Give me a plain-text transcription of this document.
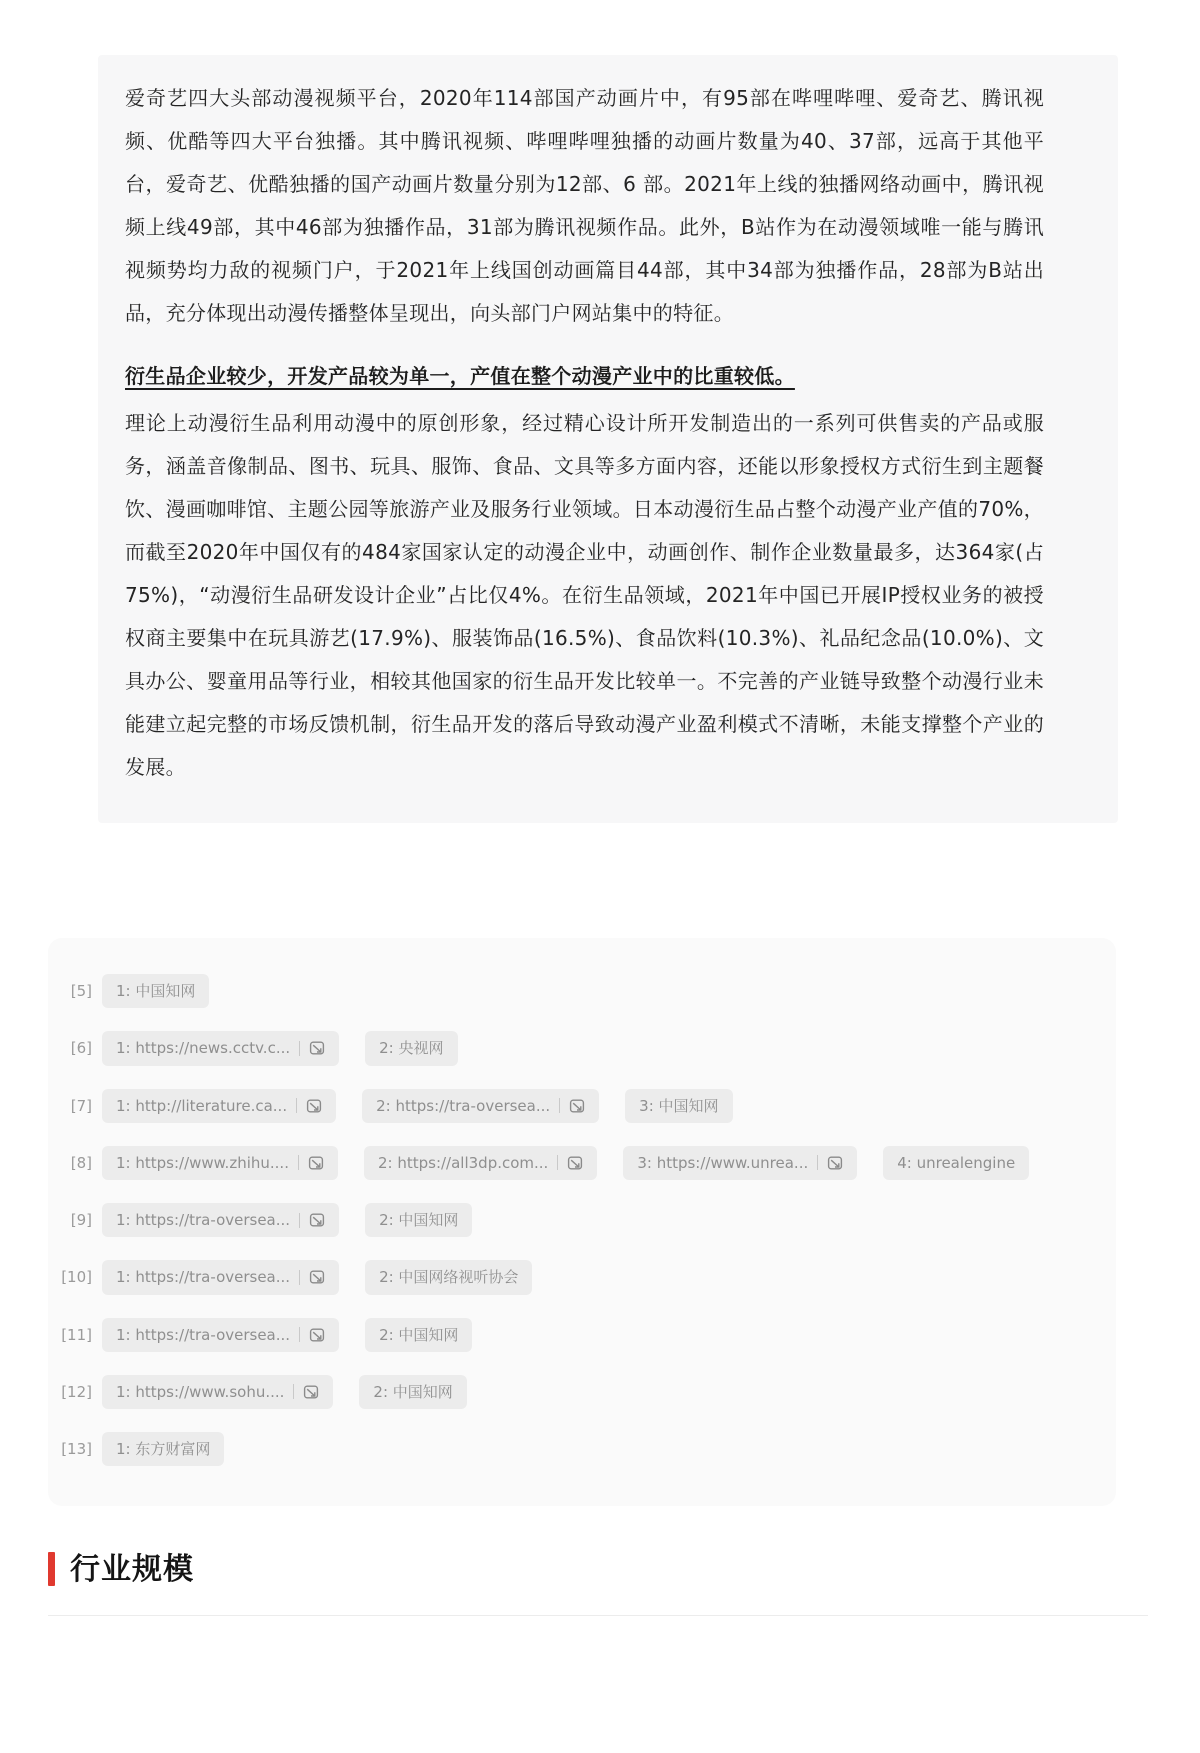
爱奇艺四大头部动漫视频平台，2020年114部国产动画片中，有95部在哔哩哔哩、爱奇艺、腾讯视频、优酷等四大平台独播。其中腾讯视频、哔哩哔哩独播的动画片数量为40、37部，远高于其他平台，爱奇艺、优酷独播的国产动画片数量分别为12部、6 部。2021年上线的独播网络动画中，腾讯视频上线49部，其中46部为独播作品，31部为腾讯视频作品。此外，B站作为在动漫领域唯一能与腾讯视频势均力敌的视频门户，于2021年上线国创动画篇目44部，其中34部为独播作品，28部为B站出品，充分体现出动漫传播整体呈现出，向头部门户网站集中的特征。

衍生品企业较少，开发产品较为单一，产值在整个动漫产业中的比重较低。

理论上动漫衍生品利用动漫中的原创形象，经过精心设计所开发制造出的一系列可供售卖的产品或服务，涵盖音像制品、图书、玩具、服饰、食品、文具等多方面内容，还能以形象授权方式衍生到主题餐饮、漫画咖啡馆、主题公园等旅游产业及服务行业领域。日本动漫衍生品占整个动漫产业产值的70%，而截至2020年中国仅有的484家国家认定的动漫企业中，动画创作、制作企业数量最多，达364家(占75%)，“动漫衍生品研发设计企业”占比仅4%。在衍生品领域，2021年中国已开展IP授权业务的被授权商主要集中在玩具游艺(17.9%)、服装饰品(16.5%)、食品饮料(10.3%)、礼品纪念品(10.0%)、文具办公、婴童用品等行业，相较其他国家的衍生品开发比较单一。不完善的产业链导致整个动漫行业未能建立起完整的市场反馈机制，衍生品开发的落后导致动漫产业盈利模式不清晰，未能支撑整个产业的发展。

[5] 1: 中国知网
[6] 1: https://news.cctv.c...	2: 央视网
[7] 1: http://literature.ca...	2: https://tra-oversea...	3: 中国知网
[8] 1: https://www.zhihu....	2: https://all3dp.com...	3: https://www.unrea...	4: unrealengine
[9] 1: https://tra-oversea...	2: 中国知网
[10] 1: https://tra-oversea...	2: 中国网络视听协会
[11] 1: https://tra-oversea...	2: 中国知网
[12] 1: https://www.sohu....	2: 中国知网
[13] 1: 东方财富网
行业规模
